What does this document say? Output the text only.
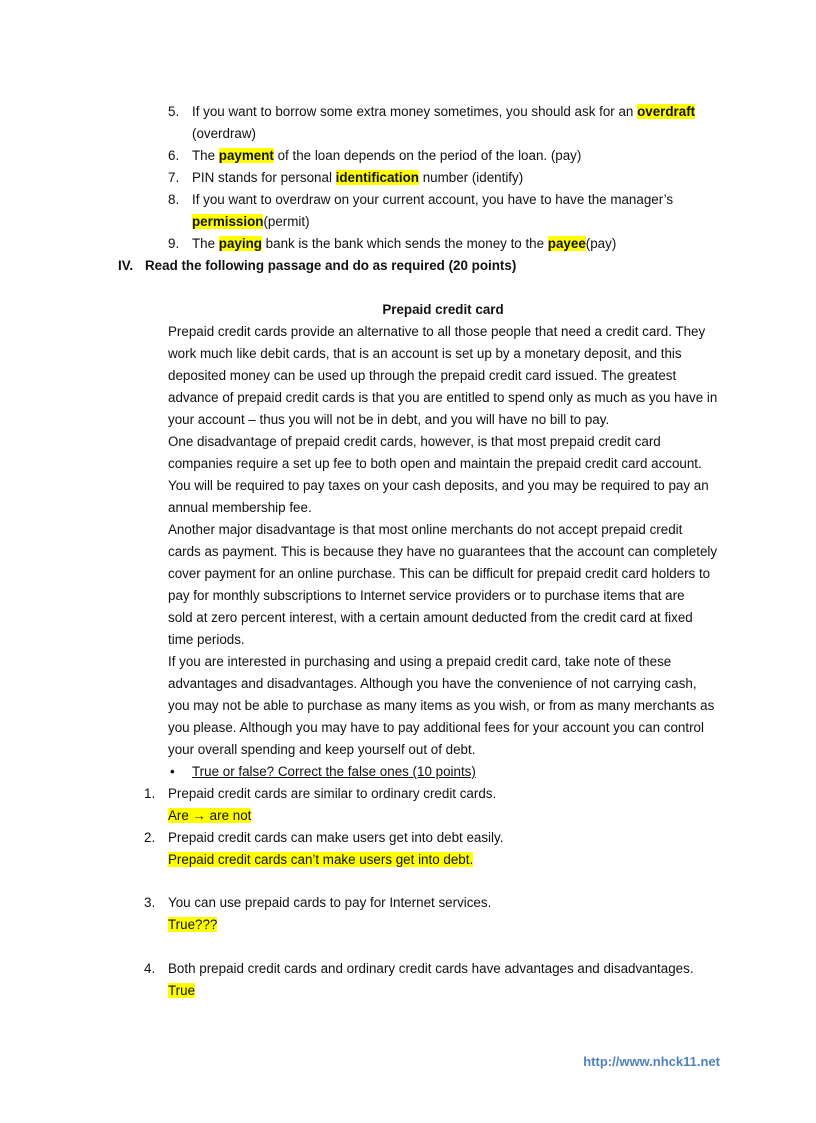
5. If you want to borrow some extra money sometimes, you should ask for an overdraft
(overdraw)
6. The payment of the loan depends on the period of the loan. (pay)
7. PIN stands for personal identification number (identify)
8. If you want to overdraw on your current account, you have to have the manager’s
permission(permit)
9. The paying bank is the bank which sends the money to the payee(pay)
IV. Read the following passage and do as required (20 points)
Prepaid credit card
Prepaid credit cards provide an alternative to all those people that need a credit card. They
work much like debit cards, that is an account is set up by a monetary deposit, and this
deposited money can be used up through the prepaid credit card issued. The greatest
advance of prepaid credit cards is that you are entitled to spend only as much as you have in
your account – thus you will not be in debt, and you will have no bill to pay.
One disadvantage of prepaid credit cards, however, is that most prepaid credit card
companies require a set up fee to both open and maintain the prepaid credit card account.
You will be required to pay taxes on your cash deposits, and you may be required to pay an
annual membership fee.
Another major disadvantage is that most online merchants do not accept prepaid credit
cards as payment. This is because they have no guarantees that the account can completely
cover payment for an online purchase. This can be difficult for prepaid credit card holders to
pay for monthly subscriptions to Internet service providers or to purchase items that are
sold at zero percent interest, with a certain amount deducted from the credit card at fixed
time periods.
If you are interested in purchasing and using a prepaid credit card, take note of these
advantages and disadvantages. Although you have the convenience of not carrying cash,
you may not be able to purchase as many items as you wish, or from as many merchants as
you please. Although you may have to pay additional fees for your account you can control
your overall spending and keep yourself out of debt.
• True or false? Correct the false ones (10 points)
1. Prepaid credit cards are similar to ordinary credit cards.
Are → are not
2. Prepaid credit cards can make users get into debt easily.
Prepaid credit cards can’t make users get into debt.
3. You can use prepaid cards to pay for Internet services.
True???
4. Both prepaid credit cards and ordinary credit cards have advantages and disadvantages.
True
http://www.nhck11.net
